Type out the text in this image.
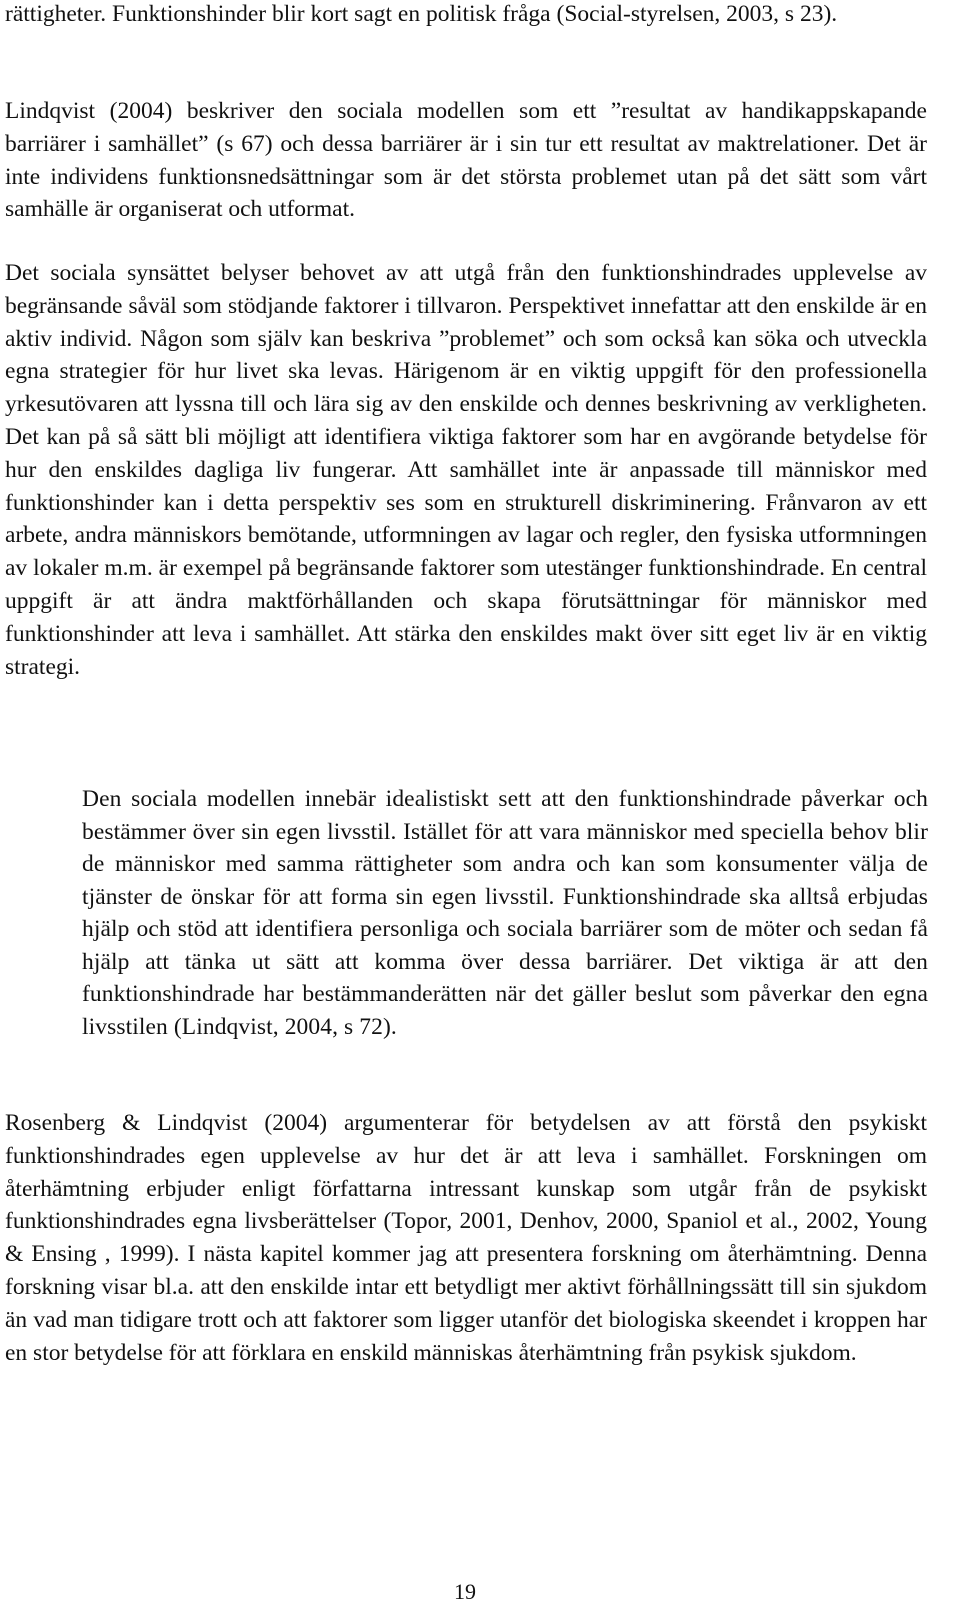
rättigheter. Funktionshinder blir kort sagt en politisk fråga (Social-styrelsen, 2003, s 23).

Lindqvist (2004) beskriver den sociala modellen som ett ”resultat av handikappskapande barriärer i samhället” (s 67) och dessa barriärer är i sin tur ett resultat av maktrelationer. Det är inte individens funktionsnedsättningar som är det största problemet utan på det sätt som vårt samhälle är organiserat och utformat.

Det sociala synsättet belyser behovet av att utgå från den funktionshindrades upplevelse av begränsande såväl som stödjande faktorer i tillvaron. Perspektivet innefattar att den enskilde är en aktiv individ. Någon som själv kan beskriva ”problemet” och som också kan söka och utveckla egna strategier för hur livet ska levas. Härigenom är en viktig uppgift för den professionella yrkesutövaren att lyssna till och lära sig av den enskilde och dennes beskrivning av verkligheten. Det kan på så sätt bli möjligt att identifiera viktiga faktorer som har en avgörande betydelse för hur den enskildes dagliga liv fungerar. Att samhället inte är anpassade till människor med funktionshinder kan i detta perspektiv ses som en strukturell diskriminering. Frånvaron av ett arbete, andra människors bemötande, utformningen av lagar och regler, den fysiska utformningen av lokaler m.m. är exempel på begränsande faktorer som utestänger funktionshindrade. En central uppgift är att ändra maktförhållanden och skapa förutsättningar för människor med funktionshinder att leva i samhället. Att stärka den enskildes makt över sitt eget liv är en viktig strategi.

Den sociala modellen innebär idealistiskt sett att den funktionshindrade påverkar och bestämmer över sin egen livsstil. Istället för att vara människor med speciella behov blir de människor med samma rättigheter som andra och kan som konsumenter välja de tjänster de önskar för att forma sin egen livsstil. Funktionshindrade ska alltså erbjudas hjälp och stöd att identifiera personliga och sociala barriärer som de möter och sedan få hjälp att tänka ut sätt att komma över dessa barriärer. Det viktiga är att den funktionshindrade har bestämmanderätten när det gäller beslut som påverkar den egna livsstilen (Lindqvist, 2004, s 72).

Rosenberg & Lindqvist (2004) argumenterar för betydelsen av att förstå den psykiskt funktionshindrades egen upplevelse av hur det är att leva i samhället. Forskningen om återhämtning erbjuder enligt författarna intressant kunskap som utgår från de psykiskt funktionshindrades egna livsberättelser (Topor, 2001, Denhov, 2000, Spaniol et al., 2002, Young & Ensing , 1999). I nästa kapitel kommer jag att presentera forskning om återhämtning. Denna forskning visar bl.a. att den enskilde intar ett betydligt mer aktivt förhållningssätt till sin sjukdom än vad man tidigare trott och att faktorer som ligger utanför det biologiska skeendet i kroppen har en stor betydelse för att förklara en enskild människas återhämtning från psykisk sjukdom.

19
